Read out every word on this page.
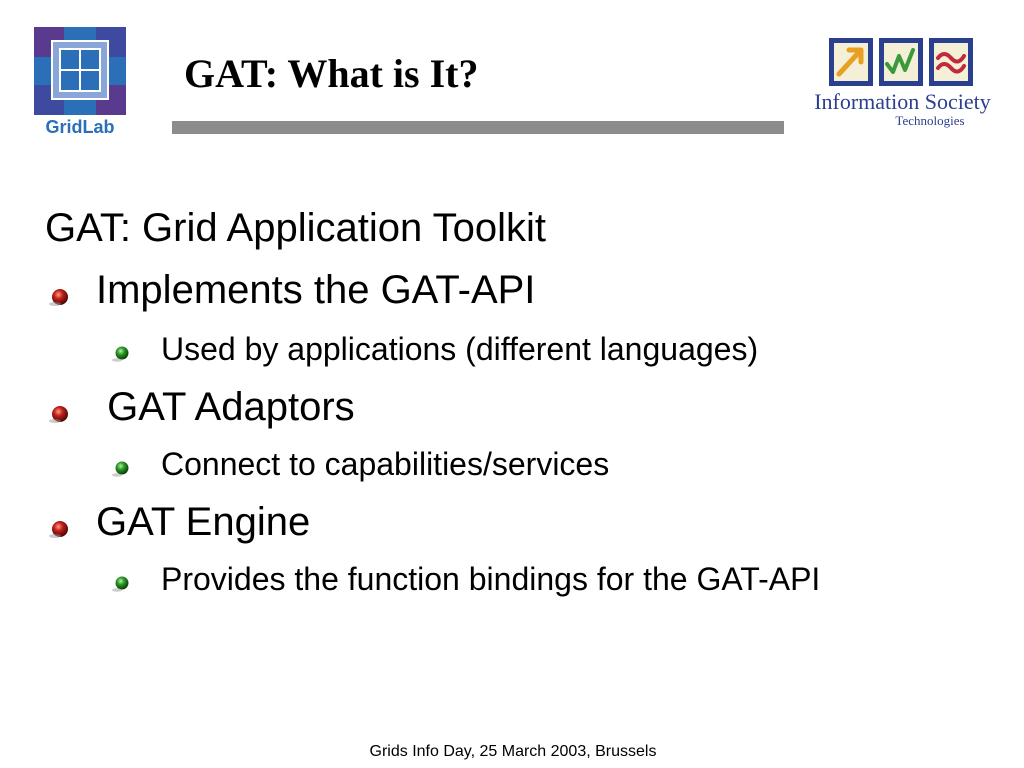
GridLab
GAT: What is It?
Information Society
Technologies
GAT: Grid Application Toolkit
Implements the GAT-API
Used by applications (different languages)
GAT Adaptors
Connect to capabilities/services
GAT Engine
Provides the function bindings for the GAT-API
Grids Info Day, 25 March 2003, Brussels
